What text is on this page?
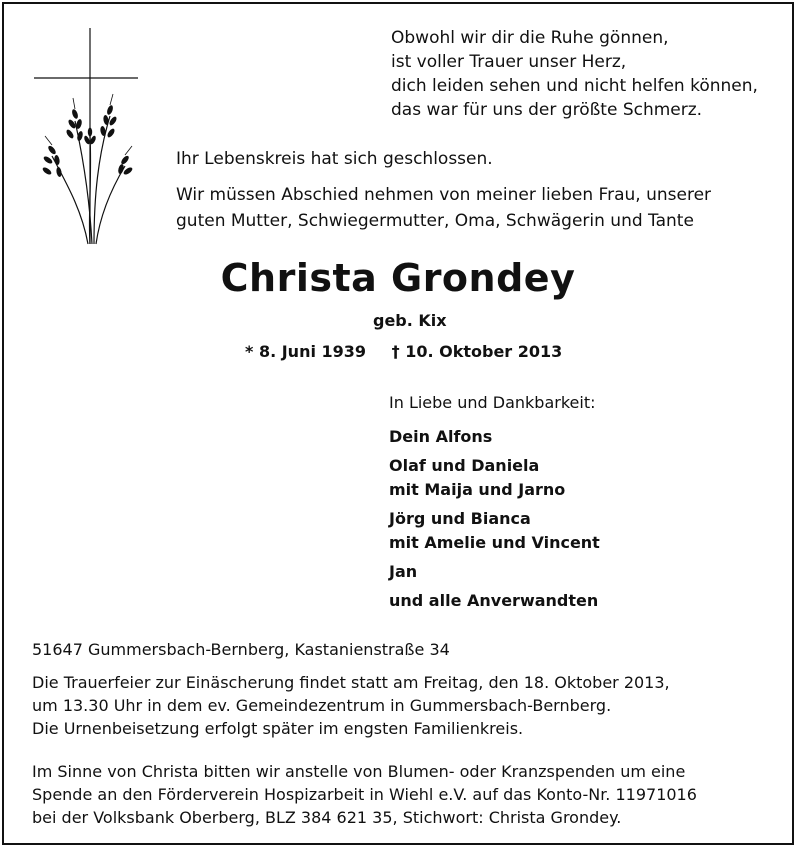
Obwohl wir dir die Ruhe gönnen,
ist voller Trauer unser Herz,
dich leiden sehen und nicht helfen können,
das war für uns der größte Schmerz.
Ihr Lebenskreis hat sich geschlossen.
Wir müssen Abschied nehmen von meiner lieben Frau, unserer
guten Mutter, Schwiegermutter, Oma, Schwägerin und Tante
Christa Grondey
geb. Kix
* 8. Juni 1939 † 10. Oktober 2013
In Liebe und Dankbarkeit:
Dein Alfons
Olaf und Daniela
mit Maija und Jarno
Jörg und Bianca
mit Amelie und Vincent
Jan
und alle Anverwandten
51647 Gummersbach-Bernberg, Kastanienstraße 34
Die Trauerfeier zur Einäscherung findet statt am Freitag, den 18. Oktober 2013,
um 13.30 Uhr in dem ev. Gemeindezentrum in Gummersbach-Bernberg.
Die Urnenbeisetzung erfolgt später im engsten Familienkreis.
Im Sinne von Christa bitten wir anstelle von Blumen- oder Kranzspenden um eine
Spende an den Förderverein Hospizarbeit in Wiehl e.V. auf das Konto-Nr. 11971016
bei der Volksbank Oberberg, BLZ 384 621 35, Stichwort: Christa Grondey.
